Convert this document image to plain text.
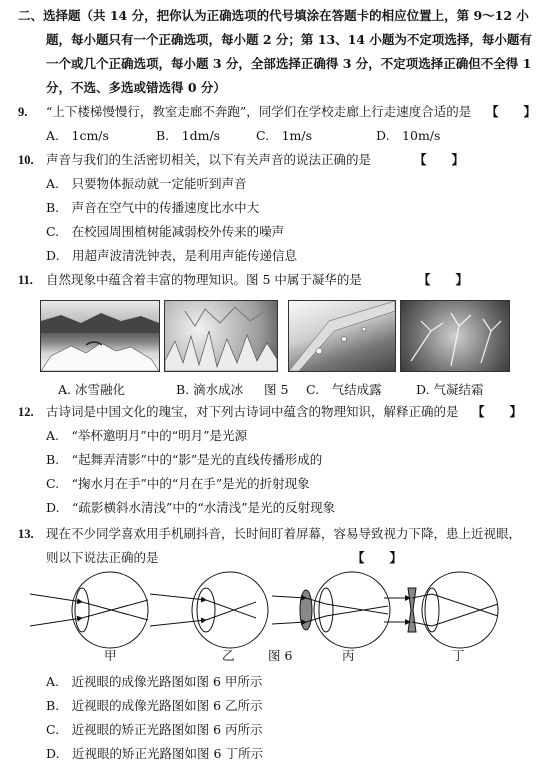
二、选择题（共 14 分，把你认为正确选项的代号填涂在答题卡的相应位置上，第 9～12 小
题，每小题只有一个正确选项，每小题 2 分；第 13、14 小题为不定项选择，每小题有
一个或几个正确选项，每小题 3 分，全部选择正确得 3 分，不定项选择正确但不全得 1
分，不选、多选或错选得 0 分）
9. “上下楼梯慢慢行，教室走廊不奔跑”，同学们在学校走廊上行走速度合适的是 【　　】
A.　1cm/s	B.　1dm/s	C.　1m/s	D.　10m/s
10. 声音与我们的生活密切相关，以下有关声音的说法正确的是	【　　】
A.　只要物体振动就一定能听到声音
B.　声音在空气中的传播速度比水中大
C.　在校园周围植树能减弱校外传来的噪声
D.　用超声波清洗钟表，是利用声能传递信息
11. 自然现象中蕴含着丰富的物理知识。图 5 中属于凝华的是	【　　】
A. 冰雪融化	B. 滴水成冰 图 5 C.　气结成露	D. 气凝结霜
12. 古诗词是中国文化的瑰宝，对下列古诗词中蕴含的物理知识，解释正确的是 【　　】
A.　“举杯邀明月”中的“明月”是光源
B.　“起舞弄清影”中的“影”是光的直线传播形成的
C.　“掬水月在手”中的“月在手”是光的折射现象
D.　“疏影横斜水清浅”中的“水清浅”是光的反射现象
13. 现在不少同学喜欢用手机刷抖音，长时间盯着屏幕，容易导致视力下降，患上近视眼，
则以下说法正确的是	【　　】
甲	乙	图 6	丙	丁
A.　近视眼的成像光路图如图 6 甲所示
B.　近视眼的成像光路图如图 6 乙所示
C.　近视眼的矫正光路图如图 6 丙所示
D.　近视眼的矫正光路图如图 6 丁所示
